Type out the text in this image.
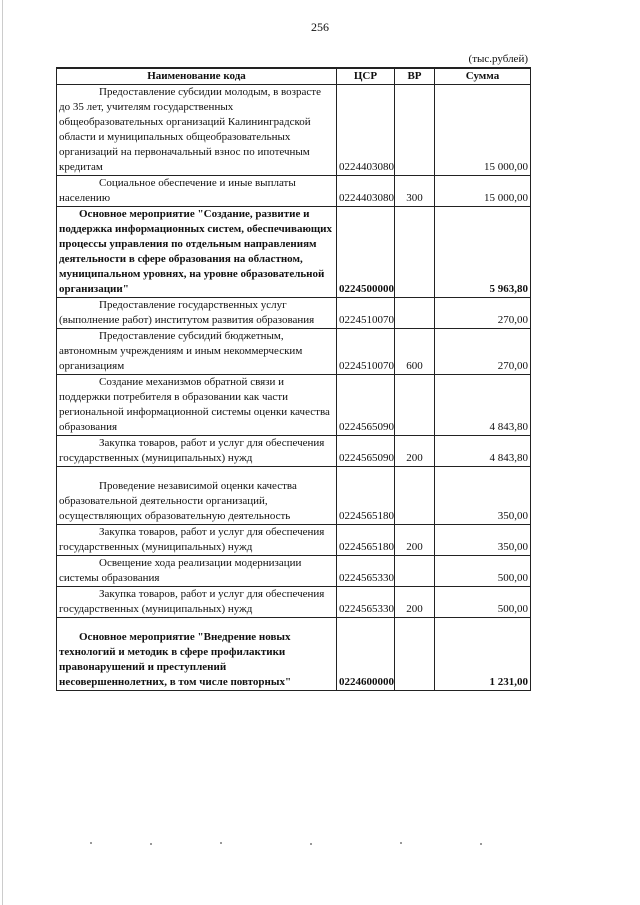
256
(тыс.рублей)
Наименование кода	ЦСР	ВР	Сумма
Предоставление субсидии молодым, в возрасте до 35 лет, учителям государственных общеобразовательных организаций Калининградской области и муниципальных общеобразовательных организаций на первоначальный взнос по ипотечным кредитам	0224403080		15 000,00
Социальное обеспечение и иные выплаты населению	0224403080	300	15 000,00
Основное мероприятие "Создание, развитие и поддержка информационных систем, обеспечивающих процессы управления по отдельным направлениям деятельности в сфере образования на областном, муниципальном уровнях, на уровне образовательной организации"	0224500000		5 963,80
Предоставление государственных услуг (выполнение работ) институтом развития образования	0224510070		270,00
Предоставление субсидий бюджетным, автономным учреждениям и иным некоммерческим организациям	0224510070	600	270,00
Создание механизмов обратной связи и поддержки потребителя в образовании как части региональной информационной системы оценки качества образования	0224565090		4 843,80
Закупка товаров, работ и услуг для обеспечения государственных (муниципальных) нужд	0224565090	200	4 843,80
Проведение независимой оценки качества образовательной деятельности организаций, осуществляющих образовательную деятельность	0224565180		350,00
Закупка товаров, работ и услуг для обеспечения государственных (муниципальных) нужд	0224565180	200	350,00
Освещение хода реализации модернизации системы образования	0224565330		500,00
Закупка товаров, работ и услуг для обеспечения государственных (муниципальных) нужд	0224565330	200	500,00
Основное мероприятие "Внедрение новых технологий и методик в сфере профилактики правонарушений и преступлений несовершеннолетних, в том числе повторных"	0224600000		1 231,00
